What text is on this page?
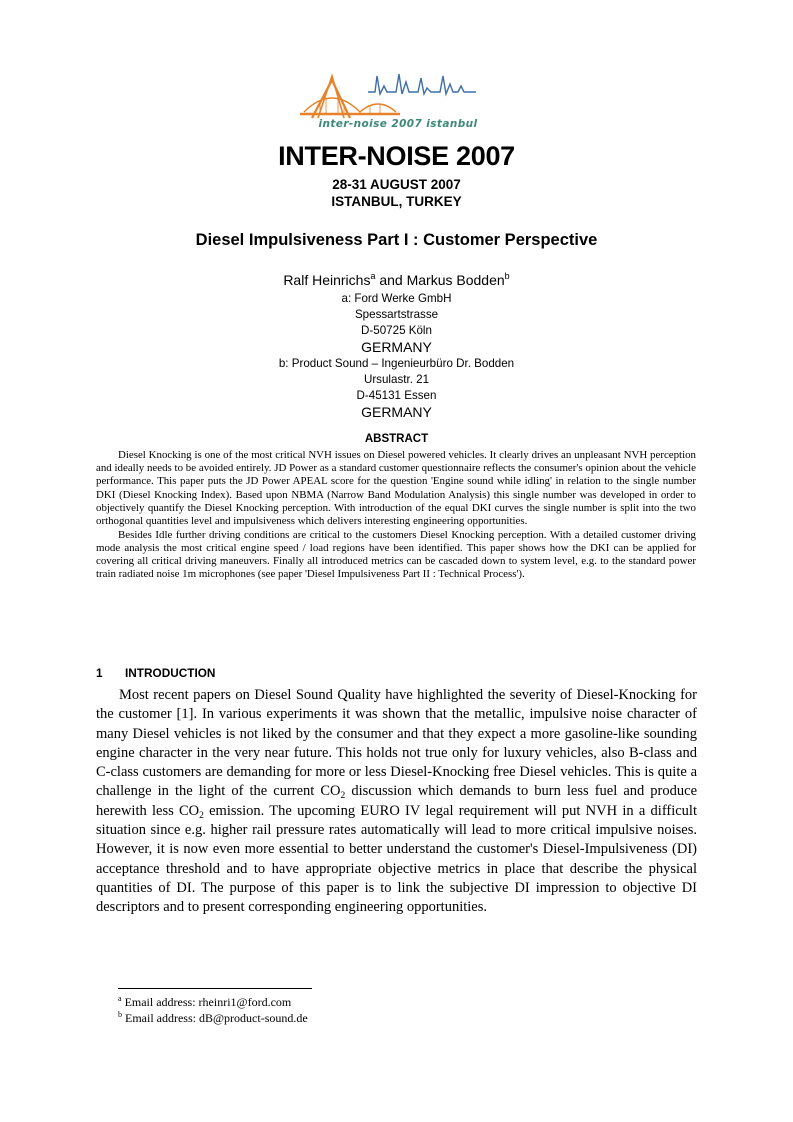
inter-noise 2007 istanbul
INTER-NOISE 2007
28-31 AUGUST 2007
ISTANBUL, TURKEY
Diesel Impulsiveness Part I : Customer Perspective
Ralf Heinrichs$^a$ and Markus Bodden$^b$
a: Ford Werke GmbH
Spessartstrasse
D-50725 Köln
GERMANY
b: Product Sound – Ingenieurbüro Dr. Bodden
Ursulastr. 21
D-45131 Essen
GERMANY
ABSTRACT

Diesel Knocking is one of the most critical NVH issues on Diesel powered vehicles. It clearly drives an unpleasant NVH perception and ideally needs to be avoided entirely. JD Power as a standard customer questionnaire reflects the consumer's opinion about the vehicle performance. This paper puts the JD Power APEAL score for the question 'Engine sound while idling' in relation to the single number DKI (Diesel Knocking Index). Based upon NBMA (Narrow Band Modulation Analysis) this single number was developed in order to objectively quantify the Diesel Knocking perception. With introduction of the equal DKI curves the single number is split into the two orthogonal quantities level and impulsiveness which delivers interesting engineering opportunities.

Besides Idle further driving conditions are critical to the customers Diesel Knocking perception. With a detailed customer driving mode analysis the most critical engine speed / load regions have been identified. This paper shows how the DKI can be applied for covering all critical driving maneuvers. Finally all introduced metrics can be cascaded down to system level, e.g. to the standard power train radiated noise 1m microphones (see paper 'Diesel Impulsiveness Part II : Technical Process').

1 INTRODUCTION

Most recent papers on Diesel Sound Quality have highlighted the severity of Diesel-Knocking for the customer [1]. In various experiments it was shown that the metallic, impulsive noise character of many Diesel vehicles is not liked by the consumer and that they expect a more gasoline-like sounding engine character in the very near future. This holds not true only for luxury vehicles, also B-class and C-class customers are demanding for more or less Diesel-Knocking free Diesel vehicles. This is quite a challenge in the light of the current $CO_2$ discussion which demands to burn less fuel and produce herewith less $CO_2$ emission. The upcoming EURO IV legal requirement will put NVH in a difficult situation since e.g. higher rail pressure rates automatically will lead to more critical impulsive noises. However, it is now even more essential to better understand the customer's Diesel-Impulsiveness (DI) acceptance threshold and to have appropriate objective metrics in place that describe the physical quantities of DI. The purpose of this paper is to link the subjective DI impression to objective DI descriptors and to present corresponding engineering opportunities.

$^a$ Email address: rheinri1@ford.com
$^b$ Email address: dB@product-sound.de
